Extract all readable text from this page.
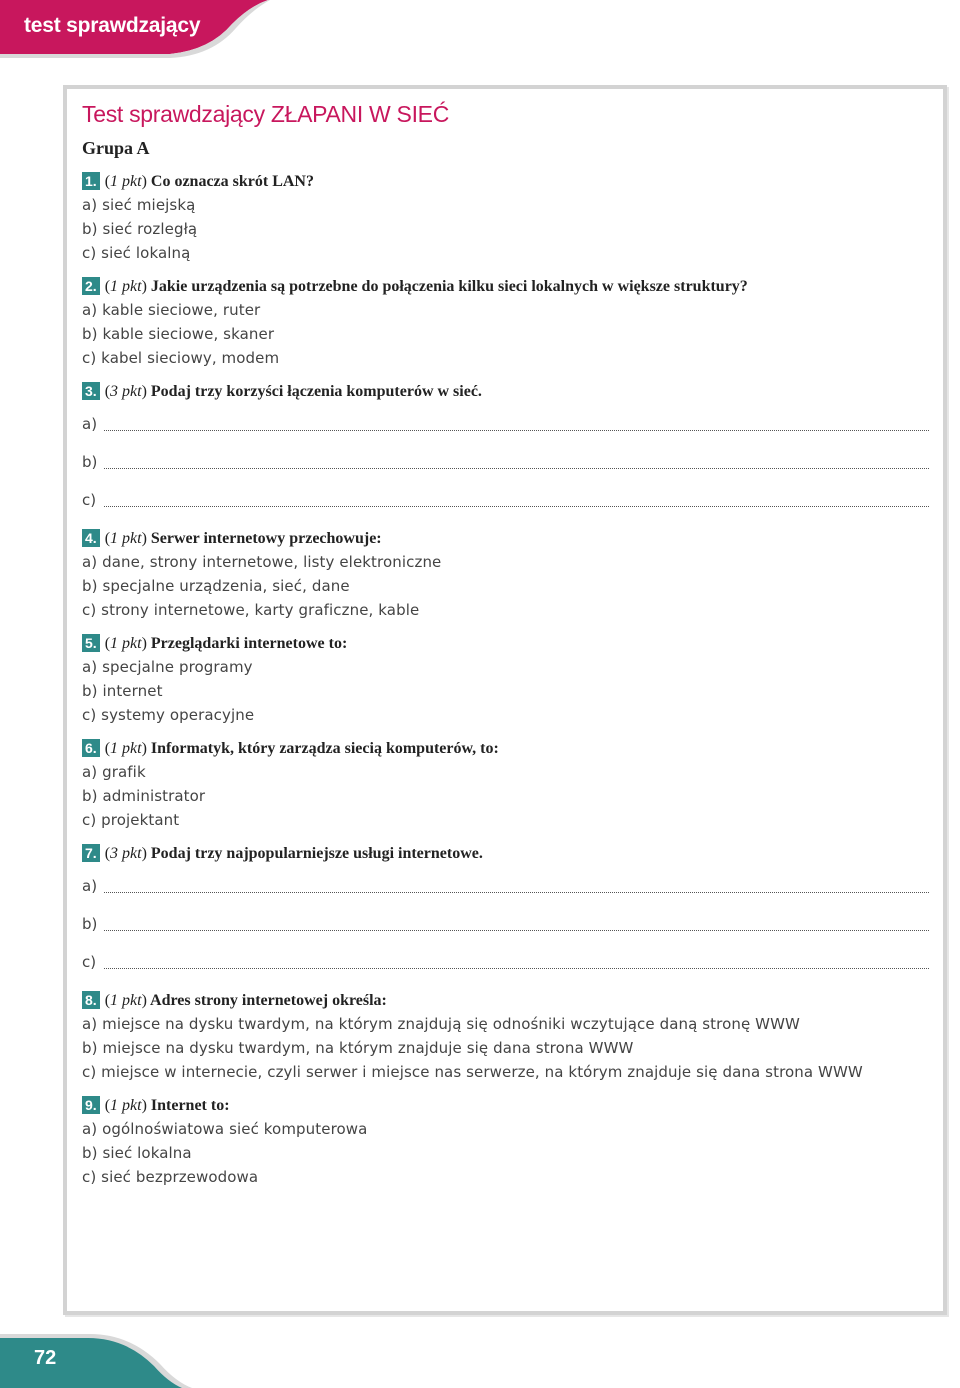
test sprawdzający
Test sprawdzający ZŁAPANI W SIEĆ
Grupa A
1. (1 pkt) Co oznacza skrót LAN?
a) sieć miejską
b) sieć rozległą
c) sieć lokalną
2. (1 pkt) Jakie urządzenia są potrzebne do połączenia kilku sieci lokalnych w większe struktury?
a) kable sieciowe, ruter
b) kable sieciowe, skaner
c) kabel sieciowy, modem
3. (3 pkt) Podaj trzy korzyści łączenia komputerów w sieć.
a)
b)
c)
4. (1 pkt) Serwer internetowy przechowuje:
a) dane, strony internetowe, listy elektroniczne
b) specjalne urządzenia, sieć, dane
c) strony internetowe, karty graficzne, kable
5. (1 pkt) Przeglądarki internetowe to:
a) specjalne programy
b) internet
c) systemy operacyjne
6. (1 pkt) Informatyk, który zarządza siecią komputerów, to:
a) grafik
b) administrator
c) projektant
7. (3 pkt) Podaj trzy najpopularniejsze usługi internetowe.
a)
b)
c)
8. (1 pkt) Adres strony internetowej określa:
a) miejsce na dysku twardym, na którym znajdują się odnośniki wczytujące daną stronę WWW
b) miejsce na dysku twardym, na którym znajduje się dana strona WWW
c) miejsce w internecie, czyli serwer i miejsce nas serwerze, na którym znajduje się dana strona WWW
9. (1 pkt) Internet to:
a) ogólnoświatowa sieć komputerowa
b) sieć lokalna
c) sieć bezprzewodowa
72
